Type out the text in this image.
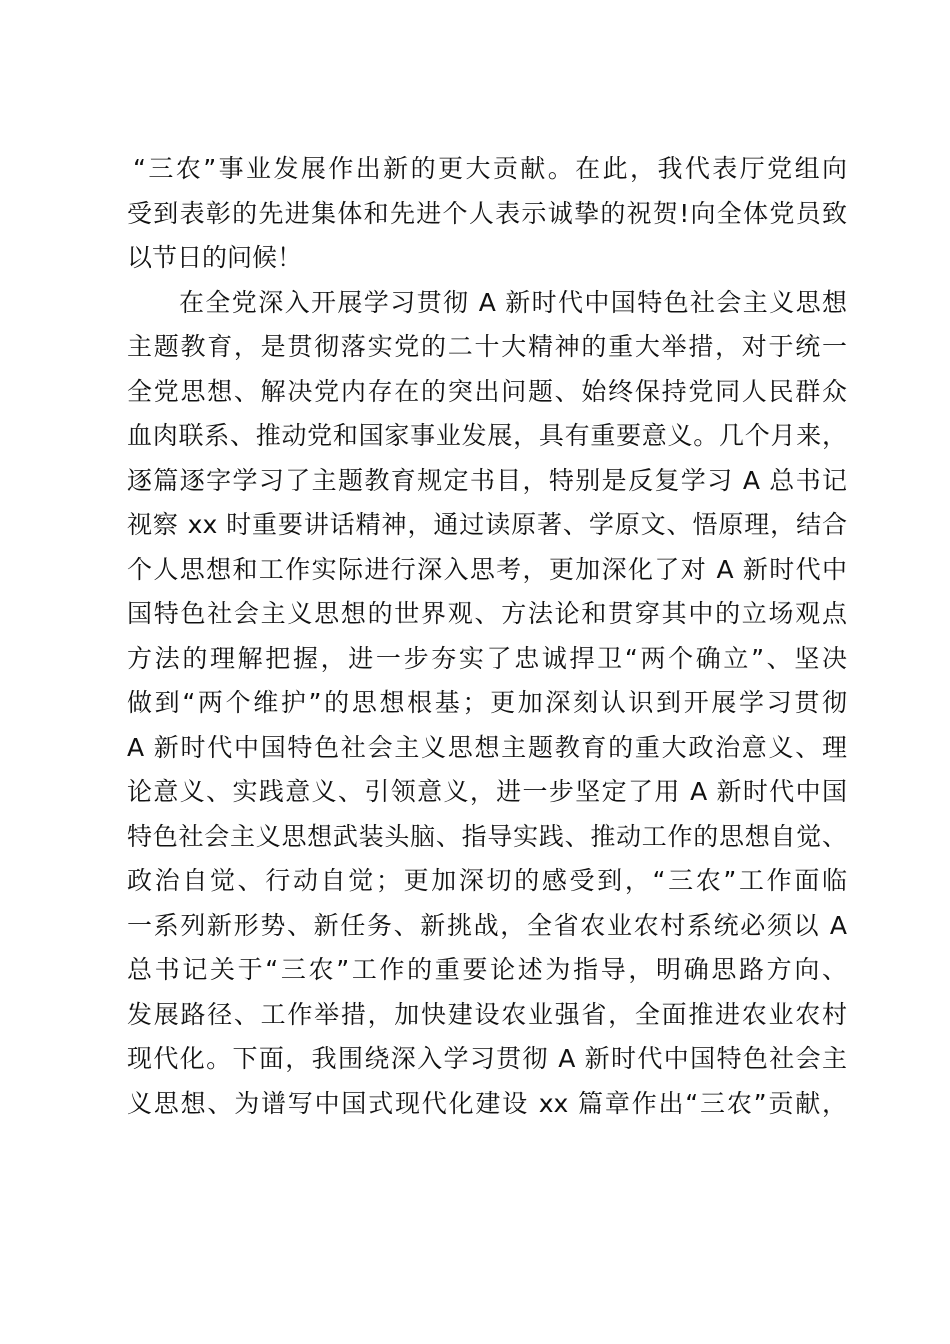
“三农”事业发展作出新的更大贡献。在此，我代表厅党组向
受到表彰的先进集体和先进个人表示诚挚的祝贺!向全体党员致
以节日的问候！
在全党深入开展学习贯彻 A 新时代中国特色社会主义思想
主题教育，是贯彻落实党的二十大精神的重大举措，对于统一
全党思想、解决党内存在的突出问题、始终保持党同人民群众
血肉联系、推动党和国家事业发展，具有重要意义。几个月来，
逐篇逐字学习了主题教育规定书目，特别是反复学习 A 总书记
视察 xx 时重要讲话精神，通过读原著、学原文、悟原理，结合
个人思想和工作实际进行深入思考，更加深化了对 A 新时代中
国特色社会主义思想的世界观、方法论和贯穿其中的立场观点
方法的理解把握，进一步夯实了忠诚捍卫“两个确立”、坚决
做到“两个维护”的思想根基；更加深刻认识到开展学习贯彻
A 新时代中国特色社会主义思想主题教育的重大政治意义、理
论意义、实践意义、引领意义，进一步坚定了用 A 新时代中国
特色社会主义思想武装头脑、指导实践、推动工作的思想自觉、
政治自觉、行动自觉；更加深切的感受到，“三农”工作面临
一系列新形势、新任务、新挑战，全省农业农村系统必须以 A
总书记关于“三农”工作的重要论述为指导，明确思路方向、
发展路径、工作举措，加快建设农业强省，全面推进农业农村
现代化。下面，我围绕深入学习贯彻 A 新时代中国特色社会主
义思想、为谱写中国式现代化建设 xx 篇章作出“三农”贡献，
